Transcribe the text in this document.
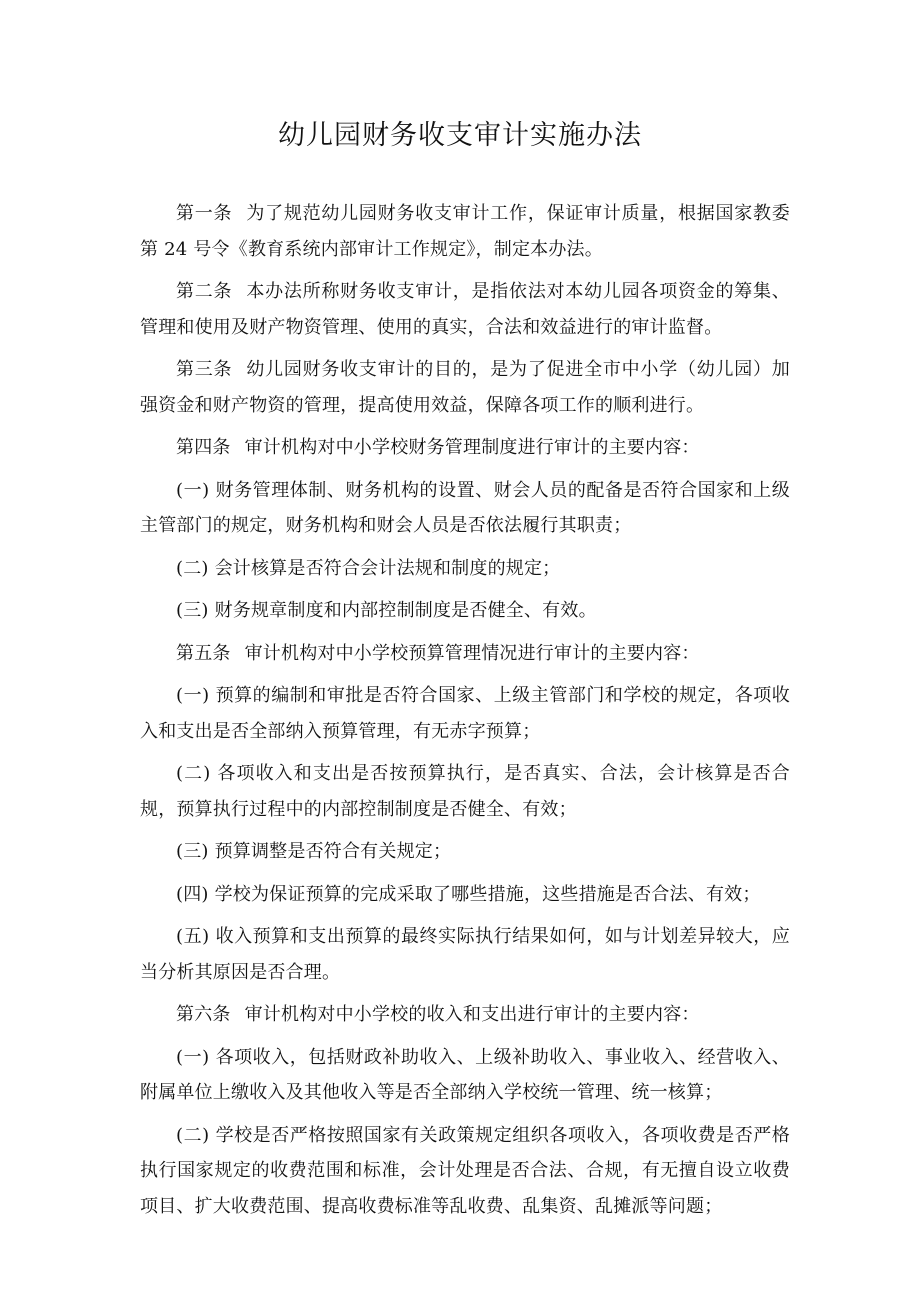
幼儿园财务收支审计实施办法

第一条 为了规范幼儿园财务收支审计工作，保证审计质量，根据国家教委第 24 号令《教育系统内部审计工作规定》，制定本办法。

第二条 本办法所称财务收支审计，是指依法对本幼儿园各项资金的筹集、管理和使用及财产物资管理、使用的真实，合法和效益进行的审计监督。

第三条 幼儿园财务收支审计的目的，是为了促进全市中小学（幼儿园）加强资金和财产物资的管理，提高使用效益，保障各项工作的顺利进行。

第四条 审计机构对中小学校财务管理制度进行审计的主要内容：

(一) 财务管理体制、财务机构的设置、财会人员的配备是否符合国家和上级主管部门的规定，财务机构和财会人员是否依法履行其职责；

(二) 会计核算是否符合会计法规和制度的规定；

(三) 财务规章制度和内部控制制度是否健全、有效。

第五条 审计机构对中小学校预算管理情况进行审计的主要内容：

(一) 预算的编制和审批是否符合国家、上级主管部门和学校的规定，各项收入和支出是否全部纳入预算管理，有无赤字预算；

(二) 各项收入和支出是否按预算执行，是否真实、合法，会计核算是否合规，预算执行过程中的内部控制制度是否健全、有效；

(三) 预算调整是否符合有关规定；

(四) 学校为保证预算的完成采取了哪些措施，这些措施是否合法、有效；

(五) 收入预算和支出预算的最终实际执行结果如何，如与计划差异较大，应当分析其原因是否合理。

第六条 审计机构对中小学校的收入和支出进行审计的主要内容：

(一) 各项收入，包括财政补助收入、上级补助收入、事业收入、经营收入、附属单位上缴收入及其他收入等是否全部纳入学校统一管理、统一核算；

(二) 学校是否严格按照国家有关政策规定组织各项收入，各项收费是否严格执行国家规定的收费范围和标准，会计处理是否合法、合规，有无擅自设立收费项目、扩大收费范围、提高收费标准等乱收费、乱集资、乱摊派等问题；
